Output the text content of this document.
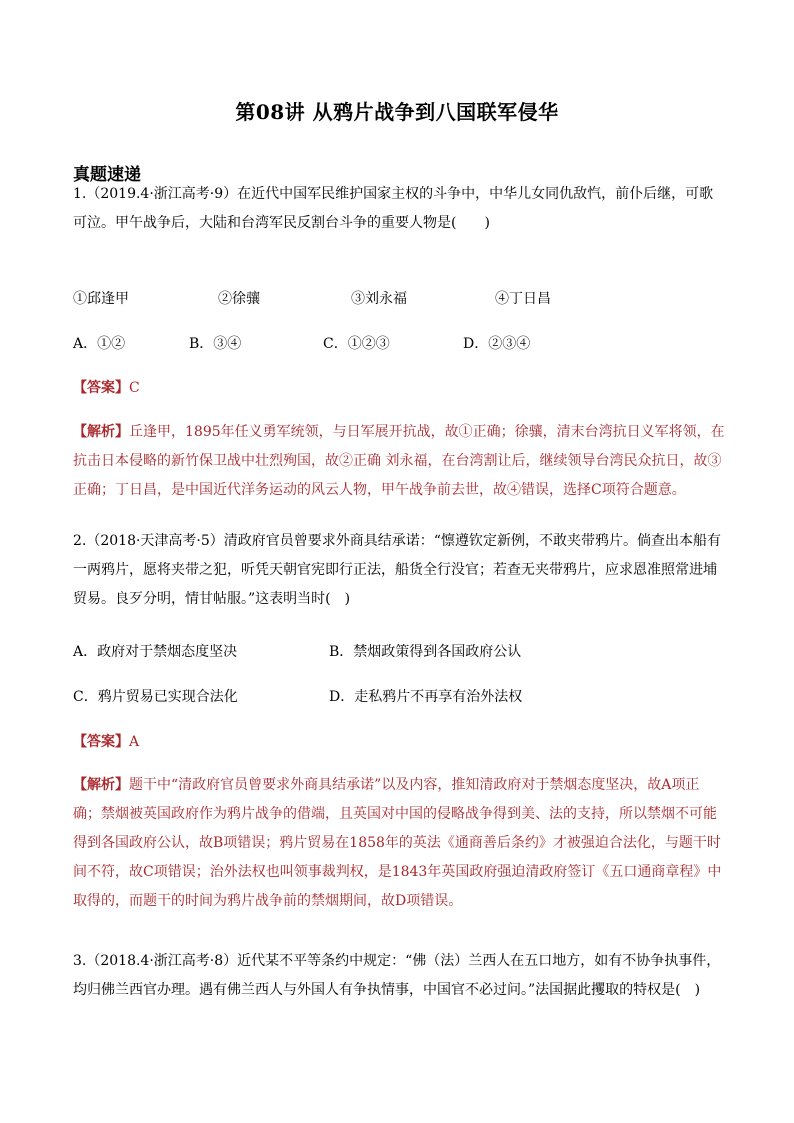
第08讲 从鸦片战争到八国联军侵华
真题速递
1.（2019.4·浙江高考·9）在近代中国军民维护国家主权的斗争中，中华儿女同仇敌忾，前仆后继，可歌可泣。甲午战争后，大陆和台湾军民反割台斗争的重要人物是(　　)
①邱逢甲	②徐骧	③刘永福	④丁日昌
A．①②	B．③④	C．①②③	D．②③④
【答案】C
【解析】丘逢甲，1895年任义勇军统领，与日军展开抗战，故①正确；徐骧，清末台湾抗日义军将领，在抗击日本侵略的新竹保卫战中壮烈殉国，故②正确 刘永福，在台湾割让后，继续领导台湾民众抗日，故③正确；丁日昌，是中国近代洋务运动的风云人物，甲午战争前去世，故④错误，选择C项符合题意。
2.（2018·天津高考·5）清政府官员曾要求外商具结承诺：“懔遵钦定新例，不敢夹带鸦片。倘查出本船有一两鸦片，愿将夹带之犯，听凭天朝官宪即行正法，船货全行没官；若查无夹带鸦片，应求恩准照常进埔贸易。良歹分明，情甘帖服。”这表明当时(　)
A．政府对于禁烟态度坚决	B．禁烟政策得到各国政府公认
C．鸦片贸易已实现合法化	D．走私鸦片不再享有治外法权
【答案】A
【解析】题干中“清政府官员曾要求外商具结承诺”以及内容，推知清政府对于禁烟态度坚决，故A项正确；禁烟被英国政府作为鸦片战争的借端，且英国对中国的侵略战争得到美、法的支持，所以禁烟不可能得到各国政府公认，故B项错误；鸦片贸易在1858年的英法《通商善后条约》才被强迫合法化，与题干时间不符，故C项错误；治外法权也叫领事裁判权，是1843年英国政府强迫清政府签订《五口通商章程》中取得的，而题干的时间为鸦片战争前的禁烟期间，故D项错误。
3.（2018.4·浙江高考·8）近代某不平等条约中规定：“佛（法）兰西人在五口地方，如有不协争执事件，均归佛兰西官办理。遇有佛兰西人与外国人有争执情事，中国官不必过问。”法国据此攫取的特权是(　)
